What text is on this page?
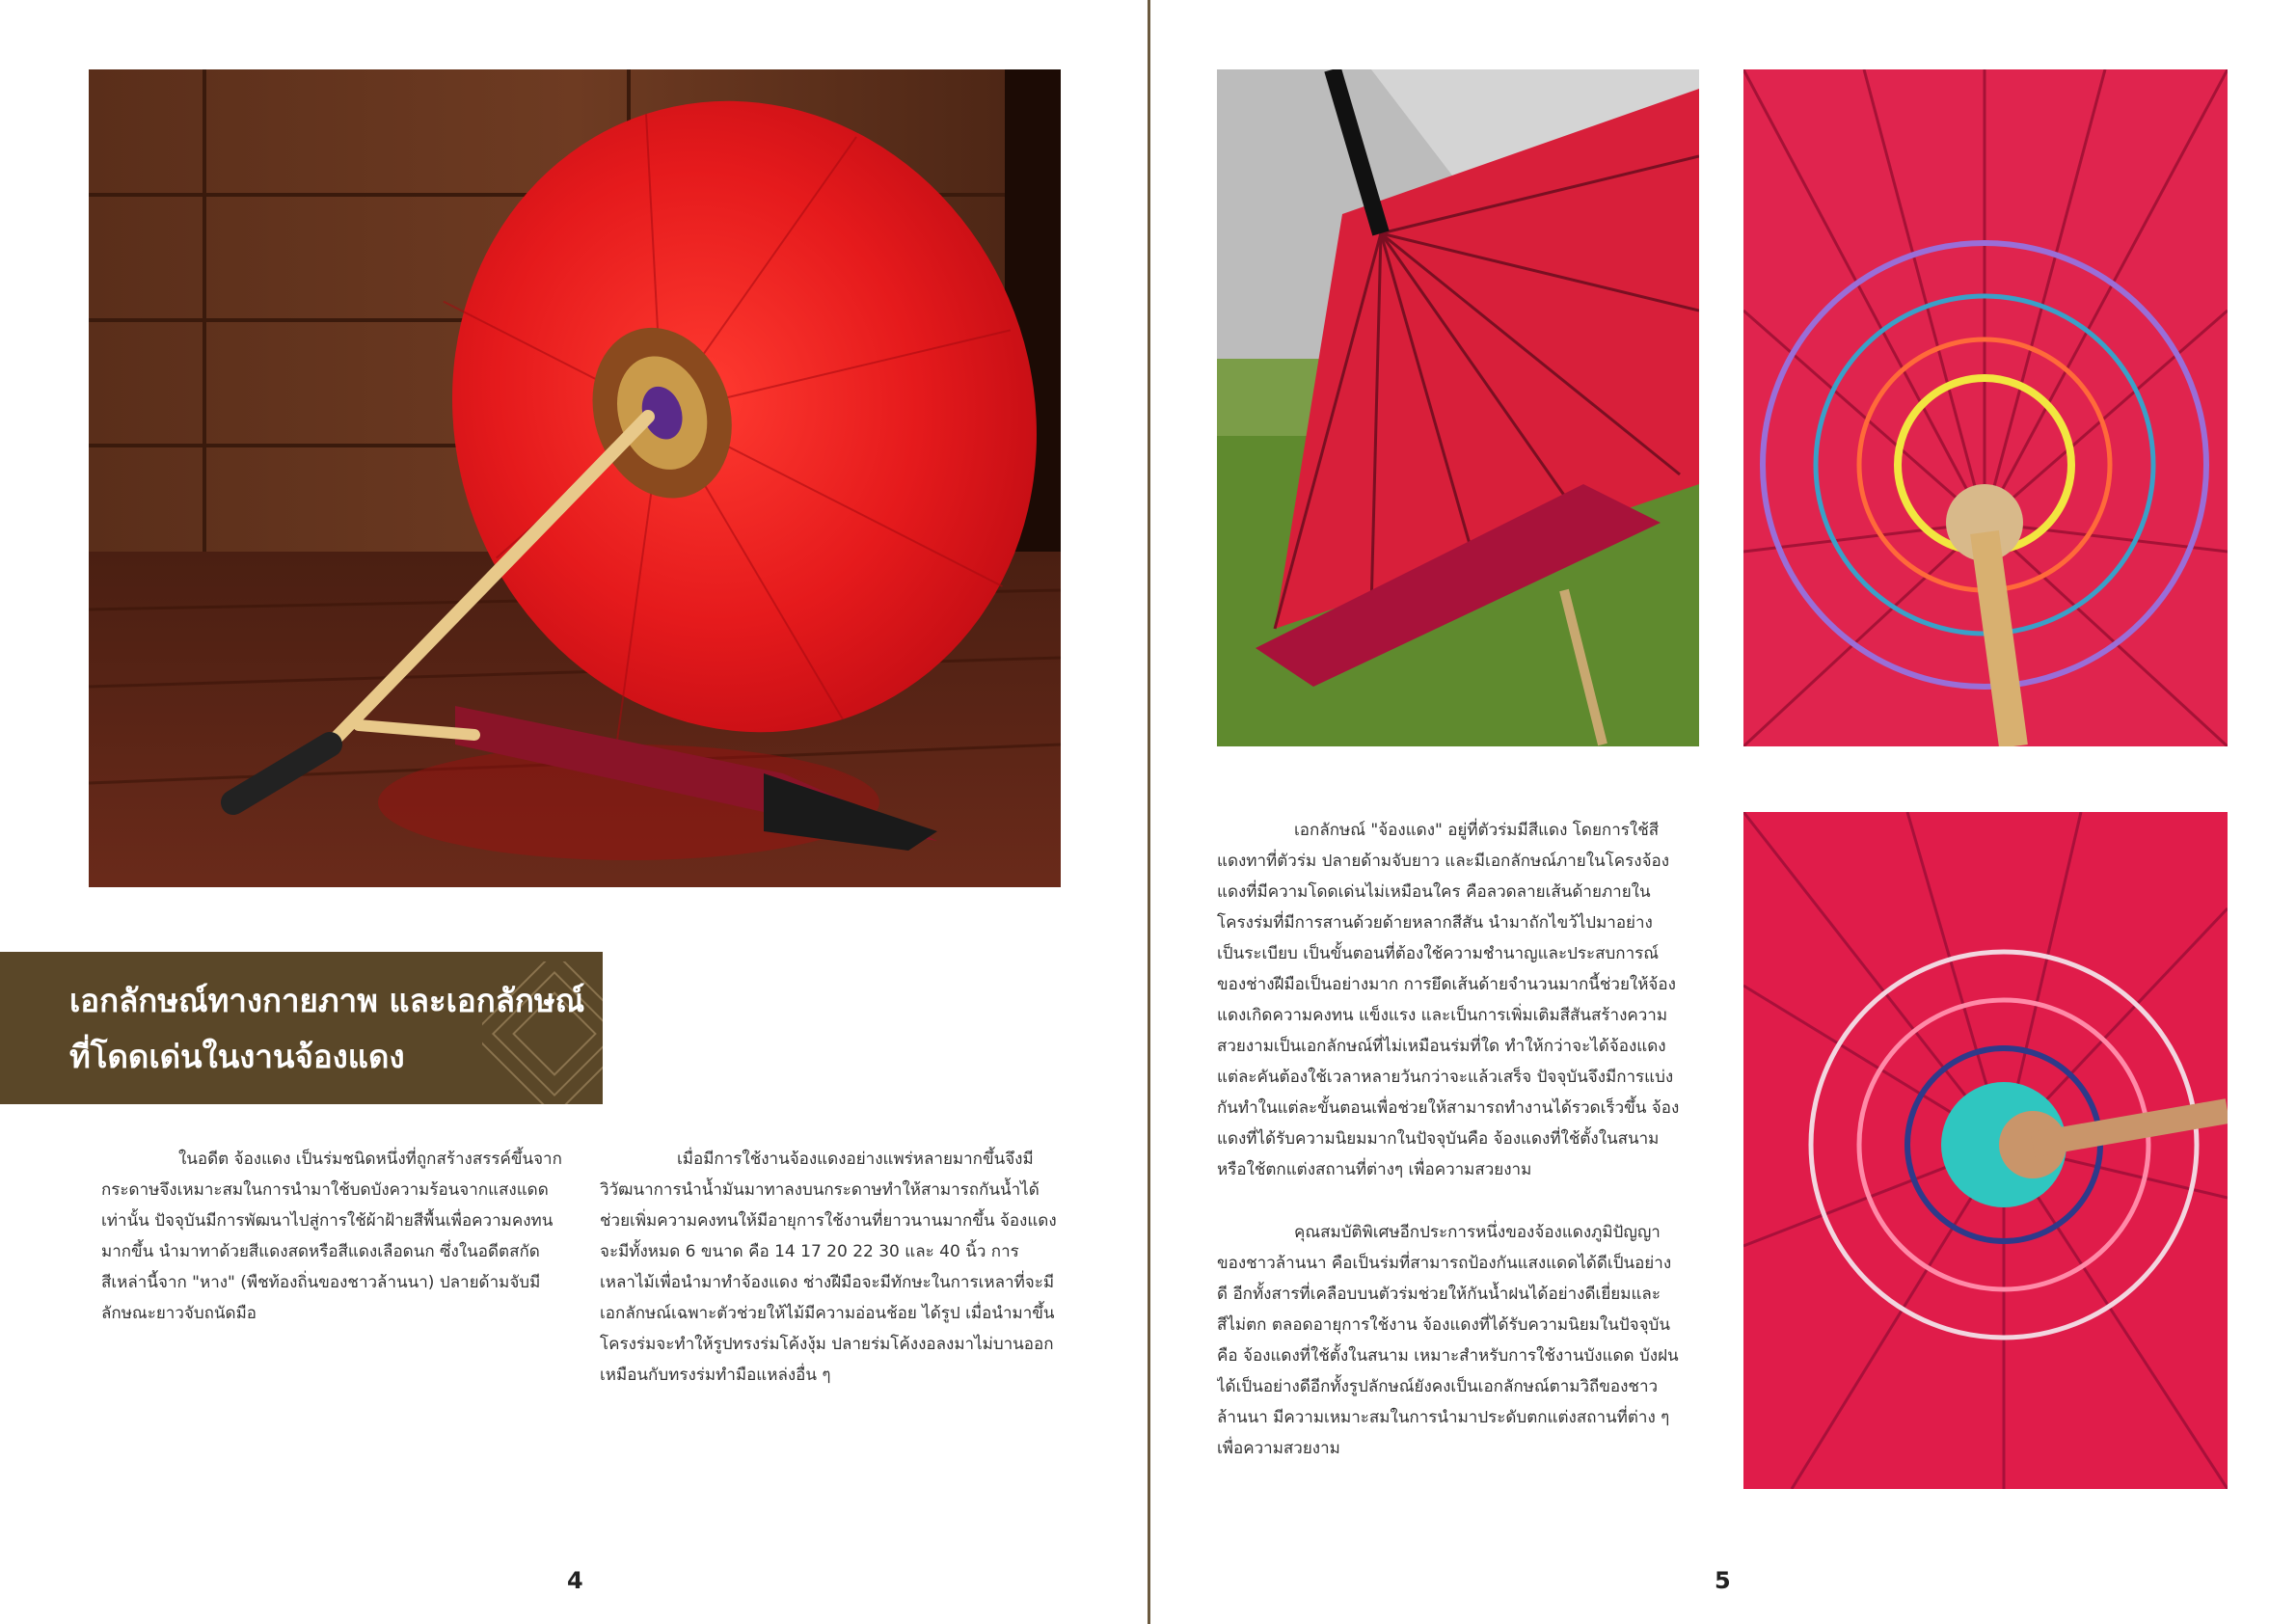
เอกลักษณ์ทางกายภาพ และเอกลักษณ์
ที่โดดเด่นในงานจ้องแดง
ในอดีต จ้องแดง เป็นร่มชนิดหนึ่งที่ถูกสร้างสรรค์ขึ้นจาก
กระดาษจึงเหมาะสมในการนำมาใช้บดบังความร้อนจากแสงแดด
เท่านั้น ปัจจุบันมีการพัฒนาไปสู่การใช้ผ้าฝ้ายสีพื้นเพื่อความคงทน
มากขึ้น นำมาทาด้วยสีแดงสดหรือสีแดงเลือดนก ซึ่งในอดีตสกัด
สีเหล่านี้จาก "หาง" (พืชท้องถิ่นของชาวล้านนา) ปลายด้ามจับมี
ลักษณะยาวจับถนัดมือ
เมื่อมีการใช้งานจ้องแดงอย่างแพร่หลายมากขึ้นจึงมี
วิวัฒนาการนำน้ำมันมาทาลงบนกระดาษทำให้สามารถกันน้ำได้
ช่วยเพิ่มความคงทนให้มีอายุการใช้งานที่ยาวนานมากขึ้น จ้องแดง
จะมีทั้งหมด 6 ขนาด คือ 14 17 20 22 30 และ 40 นิ้ว การ
เหลาไม้เพื่อนำมาทำจ้องแดง ช่างฝีมือจะมีทักษะในการเหลาที่จะมี
เอกลักษณ์เฉพาะตัวช่วยให้ไม้มีความอ่อนช้อย ได้รูป เมื่อนำมาขึ้น
โครงร่มจะทำให้รูปทรงร่มโค้งงุ้ม ปลายร่มโค้งงอลงมาไม่บานออก
เหมือนกับทรงร่มทำมือแหล่งอื่น ๆ
4
เอกลักษณ์ "จ้องแดง" อยู่ที่ตัวร่มมีสีแดง โดยการใช้สี
แดงทาที่ตัวร่ม ปลายด้ามจับยาว และมีเอกลักษณ์ภายในโครงจ้อง
แดงที่มีความโดดเด่นไม่เหมือนใคร คือลวดลายเส้นด้ายภายใน
โครงร่มที่มีการสานด้วยด้ายหลากสีสัน นำมาถักไขว้ไปมาอย่าง
เป็นระเบียบ เป็นขั้นตอนที่ต้องใช้ความชำนาญและประสบการณ์
ของช่างฝีมือเป็นอย่างมาก การยึดเส้นด้ายจำนวนมากนี้ช่วยให้จ้อง
แดงเกิดความคงทน แข็งแรง และเป็นการเพิ่มเติมสีสันสร้างความ
สวยงามเป็นเอกลักษณ์ที่ไม่เหมือนร่มที่ใด ทำให้กว่าจะได้จ้องแดง
แต่ละคันต้องใช้เวลาหลายวันกว่าจะแล้วเสร็จ ปัจจุบันจึงมีการแบ่ง
กันทำในแต่ละขั้นตอนเพื่อช่วยให้สามารถทำงานได้รวดเร็วขึ้น จ้อง
แดงที่ได้รับความนิยมมากในปัจจุบันคือ จ้องแดงที่ใช้ตั้งในสนาม
หรือใช้ตกแต่งสถานที่ต่างๆ เพื่อความสวยงาม
คุณสมบัติพิเศษอีกประการหนึ่งของจ้องแดงภูมิปัญญา
ของชาวล้านนา คือเป็นร่มที่สามารถป้องกันแสงแดดได้ดีเป็นอย่าง
ดี อีกทั้งสารที่เคลือบบนตัวร่มช่วยให้กันน้ำฝนได้อย่างดีเยี่ยมและ
สีไม่ตก ตลอดอายุการใช้งาน จ้องแดงที่ได้รับความนิยมในปัจจุบัน
คือ จ้องแดงที่ใช้ตั้งในสนาม เหมาะสำหรับการใช้งานบังแดด บังฝน
ได้เป็นอย่างดีอีกทั้งรูปลักษณ์ยังคงเป็นเอกลักษณ์ตามวิถีของชาว
ล้านนา มีความเหมาะสมในการนำมาประดับตกแต่งสถานที่ต่าง ๆ
เพื่อความสวยงาม
5
